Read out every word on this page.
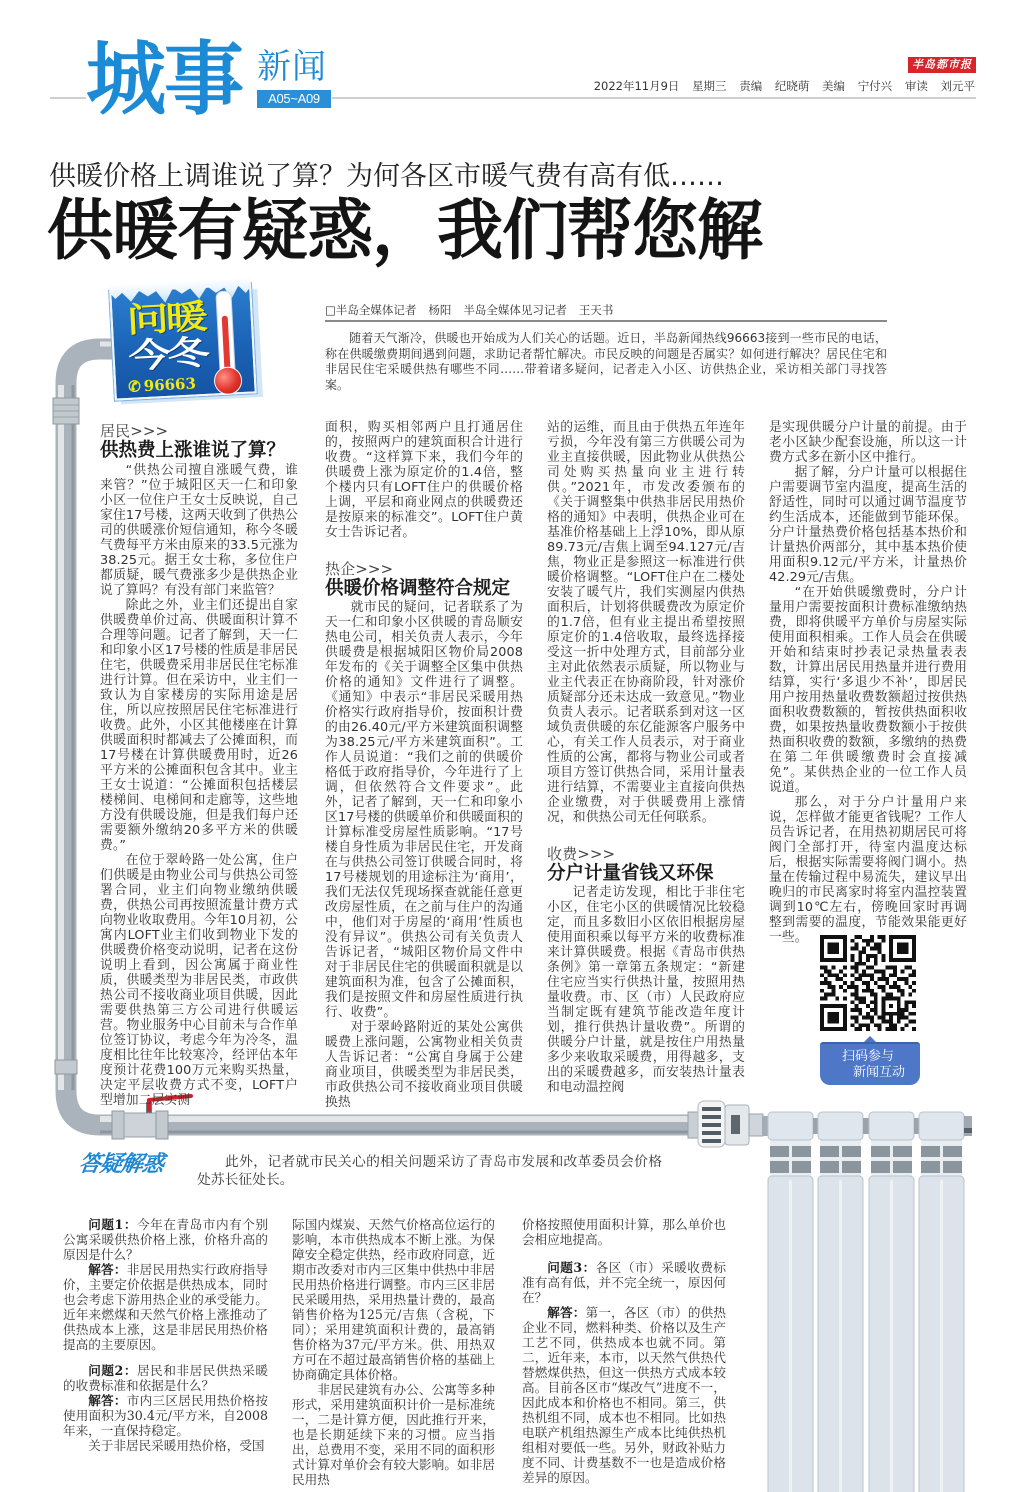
城事 新闻
A05~A09
半岛都市报
2022年11月9日 星期三 责编 纪晓萌 美编 宁付兴 审读 刘元平
供暖价格上调谁说了算？为何各区市暖气费有高有低……
供暖有疑惑，我们帮您解
问暖
今冬
✆ 96663
□半岛全媒体记者 杨阳 半岛全媒体见习记者 王天书

随着天气渐冷，供暖也开始成为人们关心的话题。近日，半岛新闻热线96663接到一些市民的电话，称在供暖缴费期间遇到问题，求助记者帮忙解决。市民反映的问题是否属实？如何进行解决？居民住宅和非居民住宅采暖供热有哪些不同……带着诸多疑问，记者走入小区、访供热企业，采访相关部门寻找答案。

居民>>>

供热费上涨谁说了算？

“供热公司擅自涨暖气费，谁来管？”位于城阳区天一仁和印象小区一位住户王女士反映说，自己家住17号楼，这两天收到了供热公司的供暖涨价短信通知，称今冬暖气费每平方米由原来的33.5元涨为38.25元。据王女士称，多位住户都质疑，暖气费涨多少是供热企业说了算吗？有没有部门来监管？

除此之外，业主们还提出自家供暖费单价过高、供暖面积计算不合理等问题。记者了解到，天一仁和印象小区17号楼的性质是非居民住宅，供暖费采用非居民住宅标准进行计算。但在采访中，业主们一致认为自家楼房的实际用途是居住，所以应按照居民住宅标准进行收费。此外，小区其他楼座在计算供暖面积时都减去了公摊面积，而17号楼在计算供暖费用时，近26平方米的公摊面积包含其中。业主王女士说道：“公摊面积包括楼层楼梯间、电梯间和走廊等，这些地方没有供暖设施，但是我们每户还需要额外缴纳20多平方米的供暖费。”

在位于翠岭路一处公寓，住户们供暖是由物业公司与供热公司签署合同，业主们向物业缴纳供暖费，供热公司再按照流量计费方式向物业收取费用。今年10月初，公寓内LOFT业主们收到物业下发的供暖费价格变动说明，记者在这份说明上看到，因公寓属于商业性质，供暖类型为非居民类，市政供热公司不接收商业项目供暖，因此需要供热第三方公司进行供暖运营。物业服务中心目前未与合作单位签订协议，考虑今年为冷冬，温度相比往年比较寒冷，经评估本年度预计花费100万元来购买热量，决定平层收费方式不变，LOFT户型增加二层实测

面积，购买相邻两户且打通居住的，按照两户的建筑面积合计进行收费。“这样算下来，我们今年的供暖费上涨为原定价的1.4倍，整个楼内只有LOFT住户的供暖价格上调，平层和商业网点的供暖费还是按原来的标准交”。LOFT住户黄女士告诉记者。

热企>>>

供暖价格调整符合规定

就市民的疑问，记者联系了为天一仁和印象小区供暖的青岛顺安热电公司，相关负责人表示，今年供暖费是根据城阳区物价局2008年发布的《关于调整全区集中供热价格的通知》文件进行了调整。《通知》中表示“非居民采暖用热价格实行政府指导价，按面积计费的由26.40元/平方米建筑面积调整为38.25元/平方米建筑面积”。工作人员说道：“我们之前的供暖价格低于政府指导价，今年进行了上调，但依然符合文件要求”。此外，记者了解到，天一仁和印象小区17号楼的供暖单价和供暖面积的计算标准受房屋性质影响。“17号楼自身性质为非居民住宅，开发商在与供热公司签订供暖合同时，将17号楼规划的用途标注为‘商用’，我们无法仅凭现场探查就能任意更改房屋性质，在之前与住户的沟通中，他们对于房屋的‘商用’性质也没有异议”。供热公司有关负责人告诉记者，“城阳区物价局文件中对于非居民住宅的供暖面积就是以建筑面积为准，包含了公摊面积，我们是按照文件和房屋性质进行执行、收费”。

对于翠岭路附近的某处公寓供暖费上涨问题，公寓物业相关负责人告诉记者：“公寓自身属于公建商业项目，供暖类型为非居民类，市政供热公司不接收商业项目供暖换热

站的运维，而且由于供热五年连年亏损，今年没有第三方供暖公司为业主直接供暖，因此物业从供热公司处购买热量向业主进行转供。”2021年，市发改委颁布的《关于调整集中供热非居民用热价格的通知》中表明，供热企业可在基准价格基础上上浮10%，即从原89.73元/吉焦上调至94.127元/吉焦，物业正是参照这一标准进行供暖价格调整。“LOFT住户在二楼处安装了暖气片，我们实测屋内供热面积后，计划将供暖费改为原定价的1.7倍，但有业主提出希望按照原定价的1.4倍收取，最终选择接受这一折中处理方式，目前部分业主对此依然表示质疑，所以物业与业主代表正在协商阶段，针对涨价质疑部分还未达成一致意见。”物业负责人表示。记者联系到对这一区域负责供暖的东亿能源客户服务中心，有关工作人员表示，对于商业性质的公寓，都将与物业公司或者项目方签订供热合同，采用计量表进行结算，不需要业主直接向供热企业缴费，对于供暖费用上涨情况，和供热公司无任何联系。

收费>>>

分户计量省钱又环保

记者走访发现，相比于非住宅小区，住宅小区的供暖情况比较稳定，而且多数旧小区依旧根据房屋使用面积乘以每平方米的收费标准来计算供暖费。根据《青岛市供热条例》第一章第五条规定：“新建住宅应当实行供热计量，按照用热量收费。市、区（市）人民政府应当制定既有建筑节能改造年度计划，推行供热计量收费”。所谓的供暖分户计量，就是按住户用热量多少来收取采暖费，用得越多，支出的采暖费越多，而安装热计量表和电动温控阀

是实现供暖分户计量的前提。由于老小区缺少配套设施，所以这一计费方式多在新小区中推行。

据了解，分户计量可以根据住户需要调节室内温度，提高生活的舒适性，同时可以通过调节温度节约生活成本，还能做到节能环保。分户计量热费价格包括基本热价和计量热价两部分，其中基本热价使用面积9.12元/平方米，计量热价42.29元/吉焦。

“在开始供暖缴费时，分户计量用户需要按面积计费标准缴纳热费，即将供暖平方单价与房屋实际使用面积相乘。工作人员会在供暖开始和结束时抄表记录热量表表数，计算出居民用热量并进行费用结算，实行‘多退少不补’，即居民用户按用热量收费数额超过按供热面积收费数额的，暂按供热面积收费，如果按热量收费数额小于按供热面积收费的数额，多缴纳的热费在第二年供暖缴费时会直接减免”。某供热企业的一位工作人员说道。

那么，对于分户计量用户来说，怎样做才能更省钱呢？工作人员告诉记者，在用热初期居民可将阀门全部打开，待室内温度达标后，根据实际需要将阀门调小。热量在传输过程中易流失，建议早出晚归的市民离家时将室内温控装置调到10℃左右，傍晚回家时再调整到需要的温度，节能效果能更好一些。

扫码参与
新闻互动
答疑解惑	此外，记者就市民关心的相关问题采访了青岛市发展和改革委员会价格处苏长征处长。

问题1：今年在青岛市内有个别公寓采暖供热价格上涨，价格升高的原因是什么？

解答：非居民用热实行政府指导价，主要定价依据是供热成本，同时也会考虑下游用热企业的承受能力。近年来燃煤和天然气价格上涨推动了供热成本上涨，这是非居民用热价格提高的主要原因。

问题2：居民和非居民供热采暖的收费标准和依据是什么？

解答：市内三区居民用热价格按使用面积为30.4元/平方米，自2008年来，一直保持稳定。

关于非居民采暖用热价格，受国

际国内煤炭、天然气价格高位运行的影响，本市供热成本不断上涨。为保障安全稳定供热，经市政府同意，近期市改委对市内三区集中供热中非居民用热价格进行调整。市内三区非居民采暖用热，采用热量计费的，最高销售价格为125元/吉焦（含税，下同）；采用建筑面积计费的，最高销售价格为37元/平方米。供、用热双方可在不超过最高销售价格的基础上协商确定具体价格。

非居民建筑有办公、公寓等多种形式，采用建筑面积计价一是标准统一，二是计算方便，因此推行开来，也是长期延续下来的习惯。应当指出，总费用不变，采用不同的面积形式计算对单价会有较大影响。如非居民用热

价格按照使用面积计算，那么单价也会相应地提高。

问题3：各区（市）采暖收费标准有高有低，并不完全统一，原因何在？

解答：第一，各区（市）的供热企业不同，燃料种类、价格以及生产工艺不同，供热成本也就不同。第二，近年来，本市，以天然气供热代替燃煤供热，但这一供热方式成本较高。目前各区市“煤改气”进度不一，因此成本和价格也不相同。第三，供热机组不同，成本也不相同。比如热电联产机组热源生产成本比纯供热机组相对要低一些。另外，财政补贴力度不同、计费基数不一也是造成价格差异的原因。
